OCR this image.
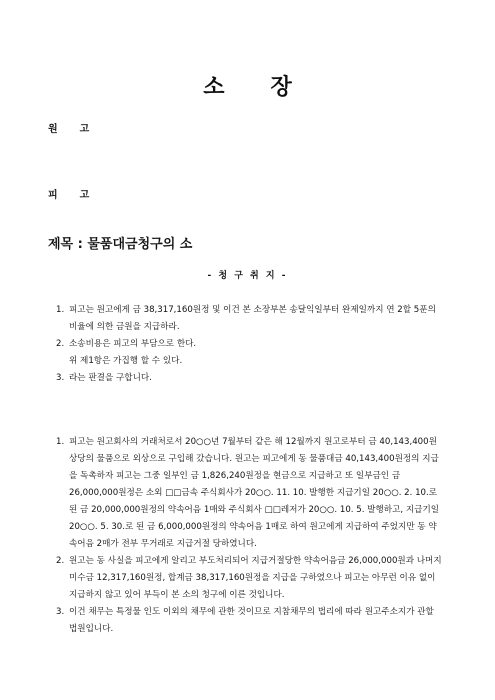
소 장
원 고
피 고
제목 : 물품대금청구의 소
- 청 구 취 지 -
1. 피고는 원고에게 금 38,317,160원정 및 이건 본 소장부본 송달익일부터 완제일까지 연 2할 5푼의 비율에 의한 금원을 지급하라.
2. 소송비용은 피고의 부담으로 한다.
위 제1항은 가집행 할 수 있다.
3. 라는 판결을 구합니다.
1. 피고는 원고회사의 거래처로서 20○○년 7월부터 같은 해 12월까지 원고로부터 금 40,143,400원 상당의 물품으로 외상으로 구입해 갔습니다. 원고는 피고에게 동 물품대금 40,143,400원정의 지급을 독촉하자 피고는 그중 일부인 금 1,826,240원정을 현금으로 지급하고 또 일부금인 금 26,000,000원정은 소외 □□금속 주식회사가 20○○. 11. 10. 발행한 지급기일 20○○. 2. 10.로 된 금 20,000,000원정의 약속어음 1매와 주식회사 □□레저가 20○○. 10. 5. 발행하고, 지급기일 20○○. 5. 30.로 된 금 6,000,000원정의 약속어음 1매로 하여 원고에게 지급하여 주었지만 동 약속어음 2매가 전부 무거래로 지급거절 당하였니다.
2. 원고는 동 사실을 피고에게 알리고 부도처리되어 지급거절당한 약속어음금 26,000,000원과 나머지 미수금 12,317,160원정, 합계금 38,317,160원정을 지급을 구하였으나 피고는 아무런 이유 없이 지급하지 않고 있어 부득이 본 소의 청구에 이른 것입니다.
3. 이건 채무는 특정물 인도 이외의 채무에 관한 것이므로 지참채무의 법리에 따라 원고주소지가 관할법원입니다.
